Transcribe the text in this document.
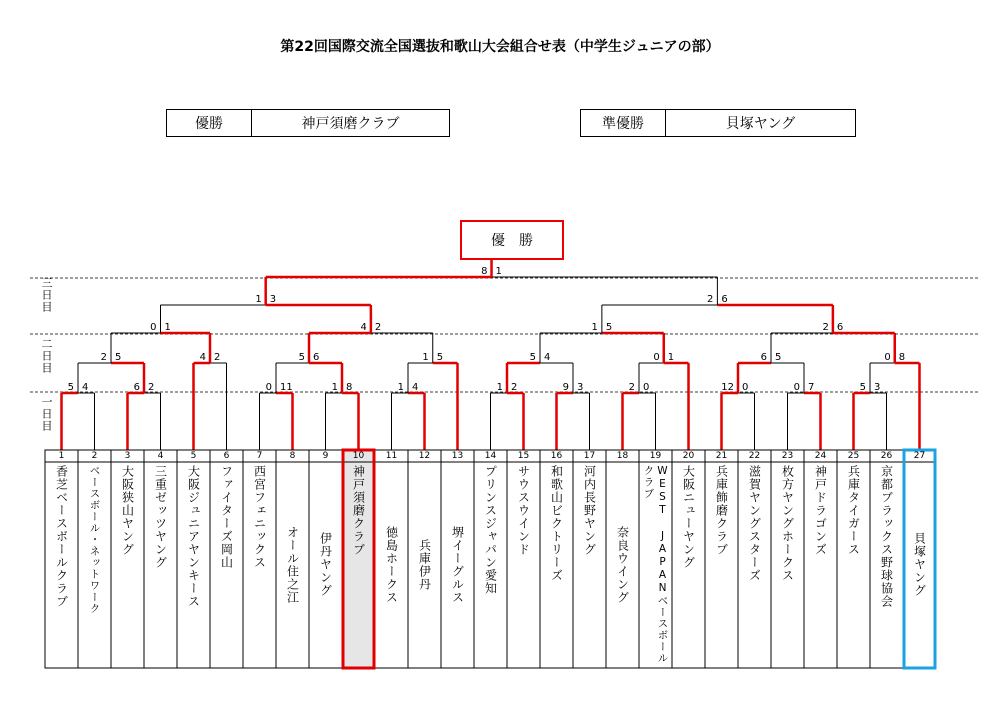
第22回国際交流全国選抜和歌山大会組合せ表（中学生ジュニアの部）
優勝	神戸須磨クラブ	準優勝	貝塚ヤング
5 4	6 2	0 11	1 8	1 4	1 2	9 3	2 0	12 0	0 7	5 3
2 5	4 2	5 6	1 5	5 4	0 1	6 5	0 8
0 1	4 2	1 5	2 6
1 3	2 6
8 1
優勝
三日目
二日目
一日目
1
香芝ベースボールクラブ
2
ベースボール・ネットワーク
3
大阪狭山ヤング
4
三重ゼッツヤング
5
大阪ジュニアヤンキース
6
ファイターズ岡山
7
西宮フェニックス
8
オール住之江
9
伊丹ヤング
10
神戸須磨クラブ
11
徳島ホークス
12
兵庫伊丹
13
堺イーグルス
14
プリンスジャパン愛知
15
サウスウインド
16
和歌山ビクトリーズ
17
河内長野ヤング
18
奈良ウイング
19
WEST JAPANベースボールクラブ
20
大阪ニューヤング
21
兵庫飾磨クラブ
22
滋賀ヤングスターズ
23
枚方ヤングホークス
24
神戸ドラゴンズ
25
兵庫タイガース
26
京都ブラックス野球協会
27
貝塚ヤング
